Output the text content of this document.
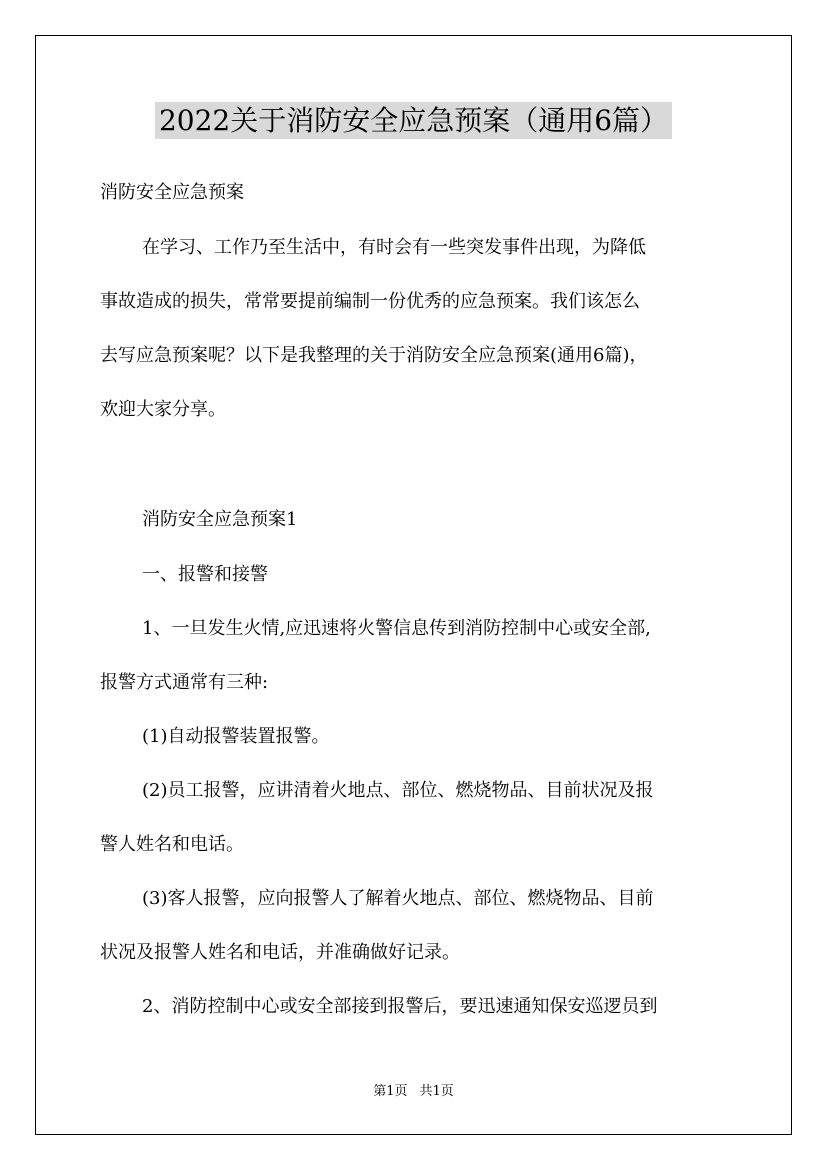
2022关于消防安全应急预案（通用6篇）
消防安全应急预案
在学习、工作乃至生活中，有时会有一些突发事件出现，为降低
事故造成的损失，常常要提前编制一份优秀的应急预案。我们该怎么
去写应急预案呢？以下是我整理的关于消防安全应急预案(通用6篇)，
欢迎大家分享。
消防安全应急预案1
一、报警和接警
1、一旦发生火情,应迅速将火警信息传到消防控制中心或安全部,
报警方式通常有三种:
(1)自动报警装置报警。
(2)员工报警，应讲清着火地点、部位、燃烧物品、目前状况及报
警人姓名和电话。
(3)客人报警，应向报警人了解着火地点、部位、燃烧物品、目前
状况及报警人姓名和电话，并准确做好记录。
2、消防控制中心或安全部接到报警后，要迅速通知保安巡逻员到
第1页 共1页
